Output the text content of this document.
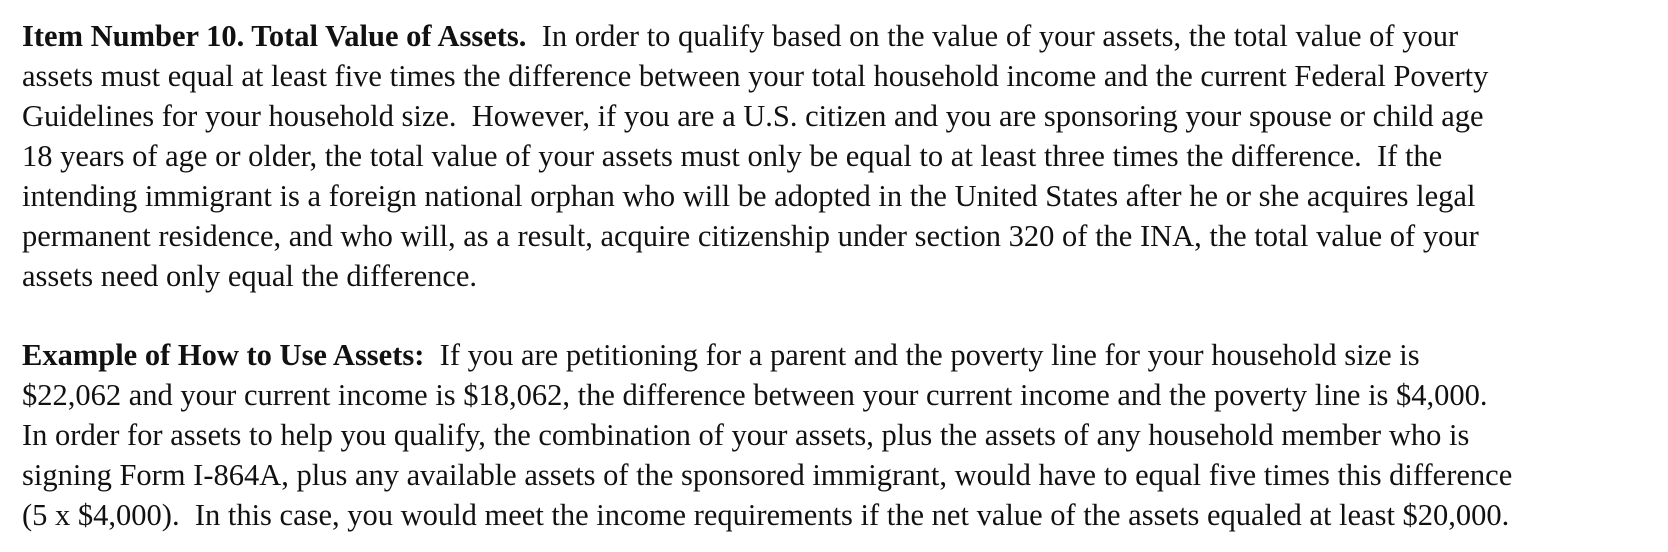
Item Number 10. Total Value of Assets.  In order to qualify based on the value of your assets, the total value of your
assets must equal at least five times the difference between your total household income and the current Federal Poverty
Guidelines for your household size.  However, if you are a U.S. citizen and you are sponsoring your spouse or child age
18 years of age or older, the total value of your assets must only be equal to at least three times the difference.  If the
intending immigrant is a foreign national orphan who will be adopted in the United States after he or she acquires legal
permanent residence, and who will, as a result, acquire citizenship under section 320 of the INA, the total value of your
assets need only equal the difference.
Example of How to Use Assets:  If you are petitioning for a parent and the poverty line for your household size is
$22,062 and your current income is $18,062, the difference between your current income and the poverty line is $4,000.
In order for assets to help you qualify, the combination of your assets, plus the assets of any household member who is
signing Form I-864A, plus any available assets of the sponsored immigrant, would have to equal five times this difference
(5 x $4,000).  In this case, you would meet the income requirements if the net value of the assets equaled at least $20,000.
